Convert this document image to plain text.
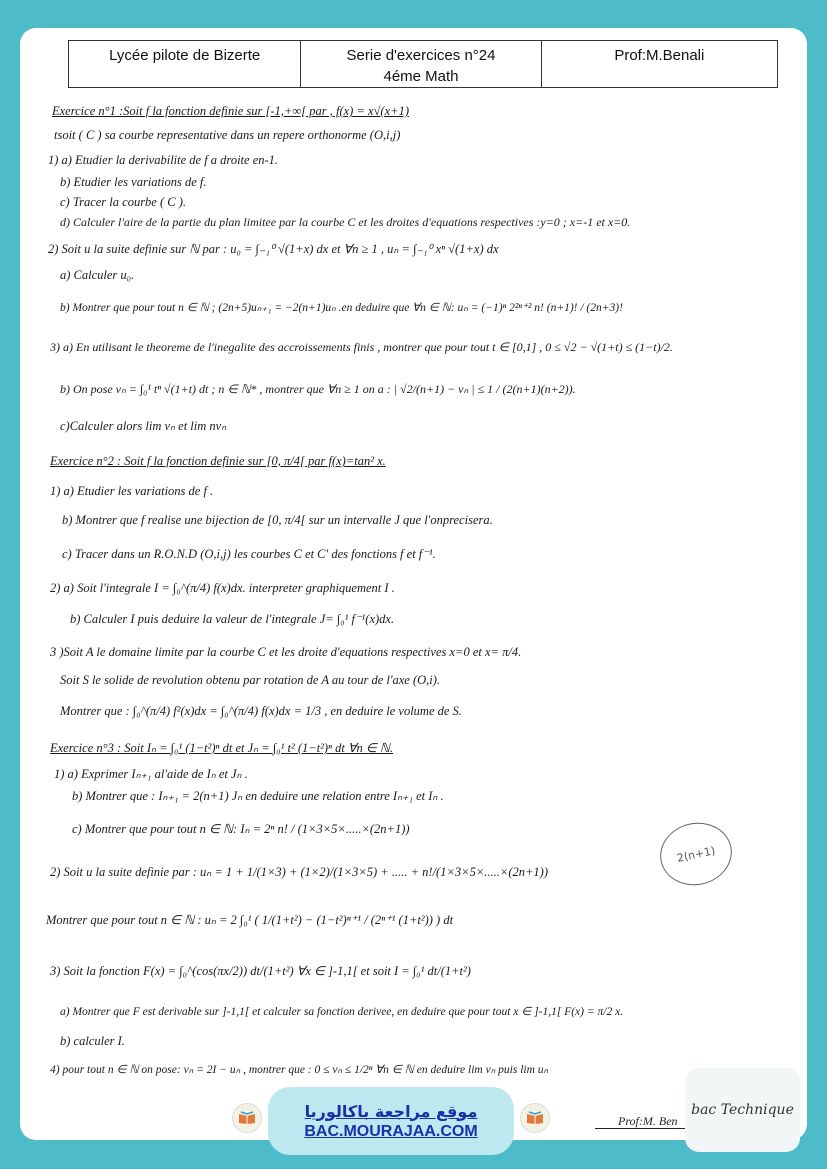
Lycée pilote de Bizerte	Serie d'exercices n°24
4éme Math
Prof:M.Benali
Exercice n°1 :Soit f la fonction definie sur [-1,+∞[ par , f(x) = x√(x+1)
tsoit ( C ) sa courbe representative dans un repere orthonorme (O,i,j)
1) a) Etudier la derivabilite de f a droite en-1.
b) Etudier les variations de f.
c) Tracer la courbe ( C ).
d) Calculer l'aire de la partie du plan limitee par la courbe C et les droites d'equations respectives :y=0 ; x=-1 et x=0.
2) Soit u la suite definie sur ℕ par : u₀ = ∫₋₁⁰ √(1+x) dx et ∀n ≥ 1 , uₙ = ∫₋₁⁰ xⁿ √(1+x) dx
a) Calculer u₀.
b) Montrer que pour tout n ∈ ℕ ; (2n+5)uₙ₊₁ = −2(n+1)uₙ .en deduire que ∀n ∈ ℕ: uₙ = (−1)ⁿ 2²ⁿ⁺² n! (n+1)! / (2n+3)!
3) a) En utilisant le theoreme de l'inegalite des accroissements finis , montrer que pour tout t ∈ [0,1] , 0 ≤ √2 − √(1+t) ≤ (1−t)/2.
b) On pose vₙ = ∫₀¹ tⁿ √(1+t) dt ; n ∈ ℕ* , montrer que ∀n ≥ 1 on a : | √2/(n+1) − vₙ | ≤ 1 / (2(n+1)(n+2)).
c)Calculer alors lim vₙ et lim nvₙ
Exercice n°2 : Soit f la fonction definie sur [0, π/4[ par f(x)=tan² x.
1) a) Etudier les variations de f .
b) Montrer que f realise une bijection de [0, π/4[ sur un intervalle J que l'onprecisera.
c) Tracer dans un R.O.N.D (O,i,j) les courbes C et C' des fonctions f et f⁻¹.
2) a) Soit l'integrale I = ∫₀^(π/4) f(x)dx. interpreter graphiquement I .
b) Calculer I puis deduire la valeur de l'integrale J= ∫₀¹ f⁻¹(x)dx.
3 )Soit A le domaine limite par la courbe C et les droite d'equations respectives x=0 et x= π/4.
Soit S le solide de revolution obtenu par rotation de A au tour de l'axe (O,i).
Montrer que : ∫₀^(π/4) f²(x)dx = ∫₀^(π/4) f(x)dx = 1/3 , en deduire le volume de S.
Exercice n°3 : Soit Iₙ = ∫₀¹ (1−t²)ⁿ dt et Jₙ = ∫₀¹ t² (1−t²)ⁿ dt ∀n ∈ ℕ.
1) a) Exprimer Iₙ₊₁ al'aide de Iₙ et Jₙ .
b) Montrer que : Iₙ₊₁ = 2(n+1) Jₙ en deduire une relation entre Iₙ₊₁ et Iₙ .
c) Montrer que pour tout n ∈ ℕ: Iₙ = 2ⁿ n! / (1×3×5×.....×(2n+1))
2) Soit u la suite definie par : uₙ = 1 + 1/(1×3) + (1×2)/(1×3×5) + ..... + n!/(1×3×5×.....×(2n+1))
Montrer que pour tout n ∈ ℕ : uₙ = 2 ∫₀¹ ( 1/(1+t²) − (1−t²)ⁿ⁺¹ / (2ⁿ⁺¹ (1+t²)) ) dt
3) Soit la fonction F(x) = ∫₀^(cos(πx/2)) dt/(1+t²) ∀x ∈ ]-1,1[ et soit I = ∫₀¹ dt/(1+t²)
a) Montrer que F est derivable sur ]-1,1[ et calculer sa fonction derivee, en deduire que pour tout x ∈ ]-1,1[ F(x) = π/2 x.
b) calculer I.
4) pour tout n ∈ ℕ on pose: vₙ = 2I − uₙ , montrer que : 0 ≤ vₙ ≤ 1/2ⁿ ∀n ∈ ℕ en deduire lim vₙ puis lim uₙ
2(n+1)
Prof:M. Ben
موقع مراجعة باكالوريا
BAC.MOURAJAA.COM
bac Technique
